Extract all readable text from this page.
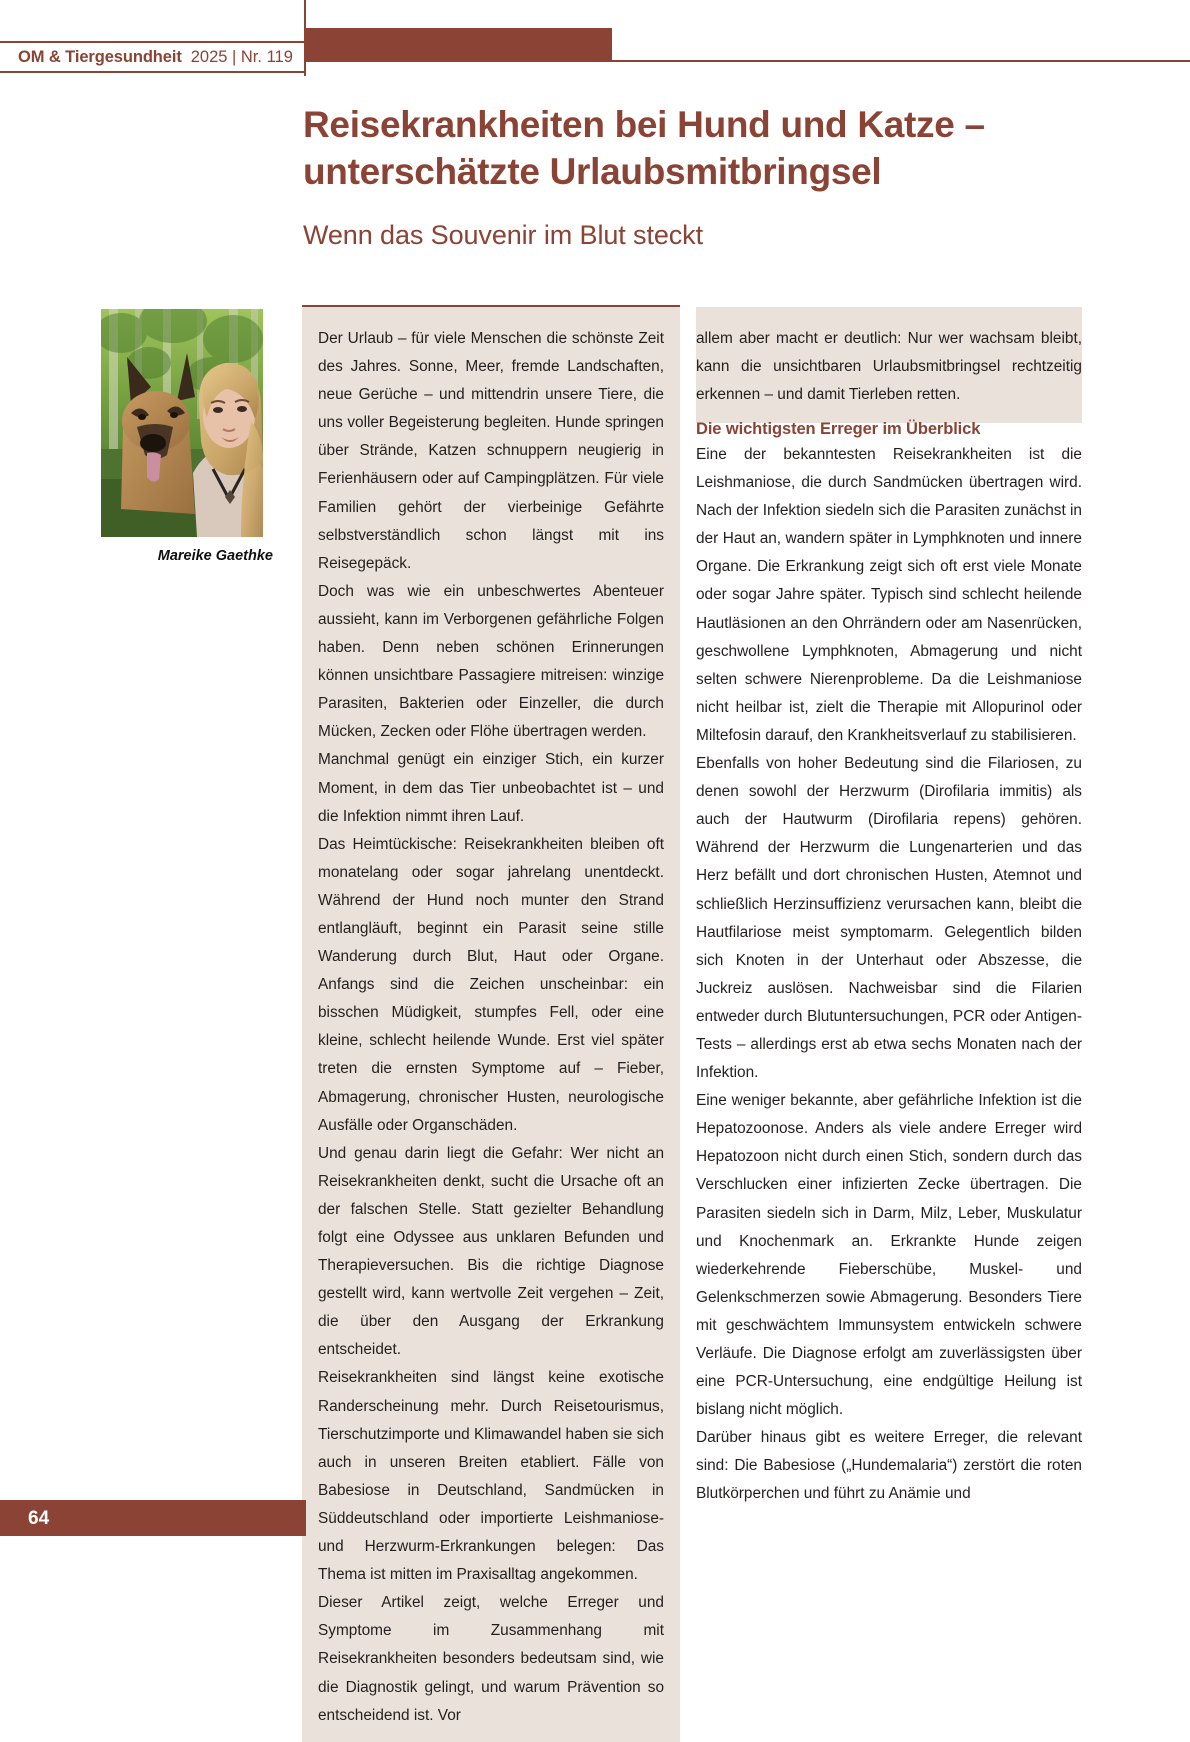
OM & Tiergesundheit 2025 | Nr. 119
Reisekrankheiten bei Hund und Katze – unterschätzte Urlaubsmitbringsel
Wenn das Souvenir im Blut steckt
Mareike Gaethke

Der Urlaub – für viele Menschen die schönste Zeit des Jahres. Sonne, Meer, fremde Landschaften, neue Gerüche – und mittendrin unsere Tiere, die uns voller Begeisterung begleiten. Hunde springen über Strände, Katzen schnuppern neugierig in Ferienhäusern oder auf Campingplätzen. Für viele Familien gehört der vierbeinige Gefährte selbstverständlich schon längst mit ins Reisegepäck.

Doch was wie ein unbeschwertes Abenteuer aussieht, kann im Verborgenen gefährliche Folgen haben. Denn neben schönen Erinnerungen können unsichtbare Passagiere mitreisen: winzige Parasiten, Bakterien oder Einzeller, die durch Mücken, Zecken oder Flöhe übertragen werden.

Manchmal genügt ein einziger Stich, ein kurzer Moment, in dem das Tier unbeobachtet ist – und die Infektion nimmt ihren Lauf.

Das Heimtückische: Reisekrankheiten bleiben oft monatelang oder sogar jahrelang unentdeckt. Während der Hund noch munter den Strand entlangläuft, beginnt ein Parasit seine stille Wanderung durch Blut, Haut oder Organe. Anfangs sind die Zeichen unscheinbar: ein bisschen Müdigkeit, stumpfes Fell, oder eine kleine, schlecht heilende Wunde. Erst viel später treten die ernsten Symptome auf – Fieber, Abmagerung, chronischer Husten, neurologische Ausfälle oder Organschäden.

Und genau darin liegt die Gefahr: Wer nicht an Reisekrankheiten denkt, sucht die Ursache oft an der falschen Stelle. Statt gezielter Behandlung folgt eine Odyssee aus unklaren Befunden und Therapieversuchen. Bis die richtige Diagnose gestellt wird, kann wertvolle Zeit vergehen – Zeit, die über den Ausgang der Erkrankung entscheidet.

Reisekrankheiten sind längst keine exotische Randerscheinung mehr. Durch Reisetourismus, Tierschutzimporte und Klimawandel haben sie sich auch in unseren Breiten etabliert. Fälle von Babesiose in Deutschland, Sandmücken in Süddeutschland oder importierte Leishmaniose- und Herzwurm-Erkrankungen belegen: Das Thema ist mitten im Praxisalltag angekommen.

Dieser Artikel zeigt, welche Erreger und Symptome im Zusammenhang mit Reisekrankheiten besonders bedeutsam sind, wie die Diagnostik gelingt, und warum Prävention so entscheidend ist. Vor

allem aber macht er deutlich: Nur wer wachsam bleibt, kann die unsichtbaren Urlaubsmitbringsel rechtzeitig erkennen – und damit Tierleben retten.

Die wichtigsten Erreger im Überblick

Eine der bekanntesten Reisekrankheiten ist die Leishmaniose, die durch Sandmücken übertragen wird. Nach der Infektion siedeln sich die Parasiten zunächst in der Haut an, wandern später in Lymphknoten und innere Organe. Die Erkrankung zeigt sich oft erst viele Monate oder sogar Jahre später. Typisch sind schlecht heilende Hautläsionen an den Ohrrändern oder am Nasenrücken, geschwollene Lymphknoten, Abmagerung und nicht selten schwere Nierenprobleme. Da die Leishmaniose nicht heilbar ist, zielt die Therapie mit Allopurinol oder Miltefosin darauf, den Krankheitsverlauf zu stabilisieren.

Ebenfalls von hoher Bedeutung sind die Filariosen, zu denen sowohl der Herzwurm (Dirofilaria immitis) als auch der Hautwurm (Dirofilaria repens) gehören. Während der Herzwurm die Lungenarterien und das Herz befällt und dort chronischen Husten, Atemnot und schließlich Herzinsuffizienz verursachen kann, bleibt die Hautfilariose meist symptomarm. Gelegentlich bilden sich Knoten in der Unterhaut oder Abszesse, die Juckreiz auslösen. Nachweisbar sind die Filarien entweder durch Blutuntersuchungen, PCR oder Antigen-Tests – allerdings erst ab etwa sechs Monaten nach der Infektion.

Eine weniger bekannte, aber gefährliche Infektion ist die Hepatozoonose. Anders als viele andere Erreger wird Hepatozoon nicht durch einen Stich, sondern durch das Verschlucken einer infizierten Zecke übertragen. Die Parasiten siedeln sich in Darm, Milz, Leber, Muskulatur und Knochenmark an. Erkrankte Hunde zeigen wiederkehrende Fieberschübe, Muskel- und Gelenkschmerzen sowie Abmagerung. Besonders Tiere mit geschwächtem Immunsystem entwickeln schwere Verläufe. Die Diagnose erfolgt am zuverlässigsten über eine PCR-Untersuchung, eine endgültige Heilung ist bislang nicht möglich.

Darüber hinaus gibt es weitere Erreger, die relevant sind: Die Babesiose („Hundemalaria“) zerstört die roten Blutkörperchen und führt zu Anämie und

64
